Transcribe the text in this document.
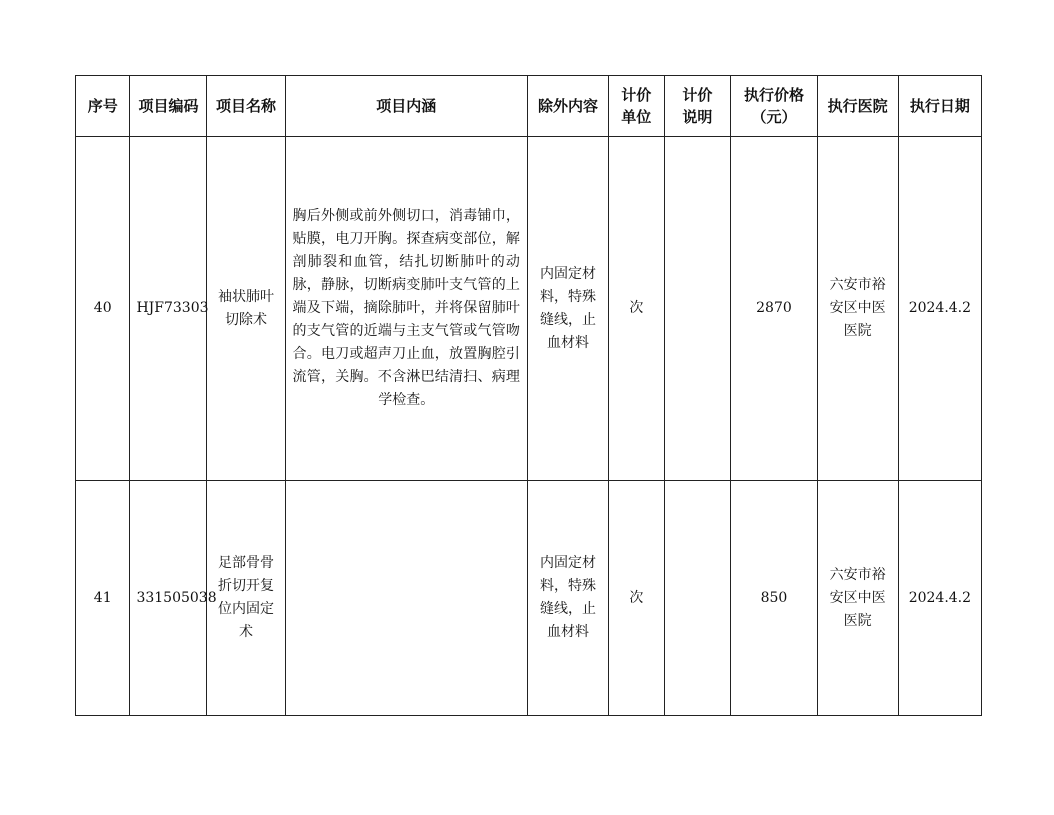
序号	项目编码	项目名称	项目内涵	除外内容	计价单位	计价说明	执行价格（元）	执行医院	执行日期
40	HJF73303	袖状肺叶切除术	胸后外侧或前外侧切口，消毒铺巾，贴膜，电刀开胸。探查病变部位，解剖肺裂和血管，结扎切断肺叶的动脉，静脉，切断病变肺叶支气管的上端及下端，摘除肺叶，并将保留肺叶的支气管的近端与主支气管或气管吻合。电刀或超声刀止血，放置胸腔引流管，关胸。不含淋巴结清扫、病理学检查。	内固定材料，特殊缝线，止血材料	次		2870	六安市裕安区中医医院	2024.4.2
41	331505038	足部骨骨折切开复位内固定术		内固定材料，特殊缝线，止血材料	次		850	六安市裕安区中医医院	2024.4.2
